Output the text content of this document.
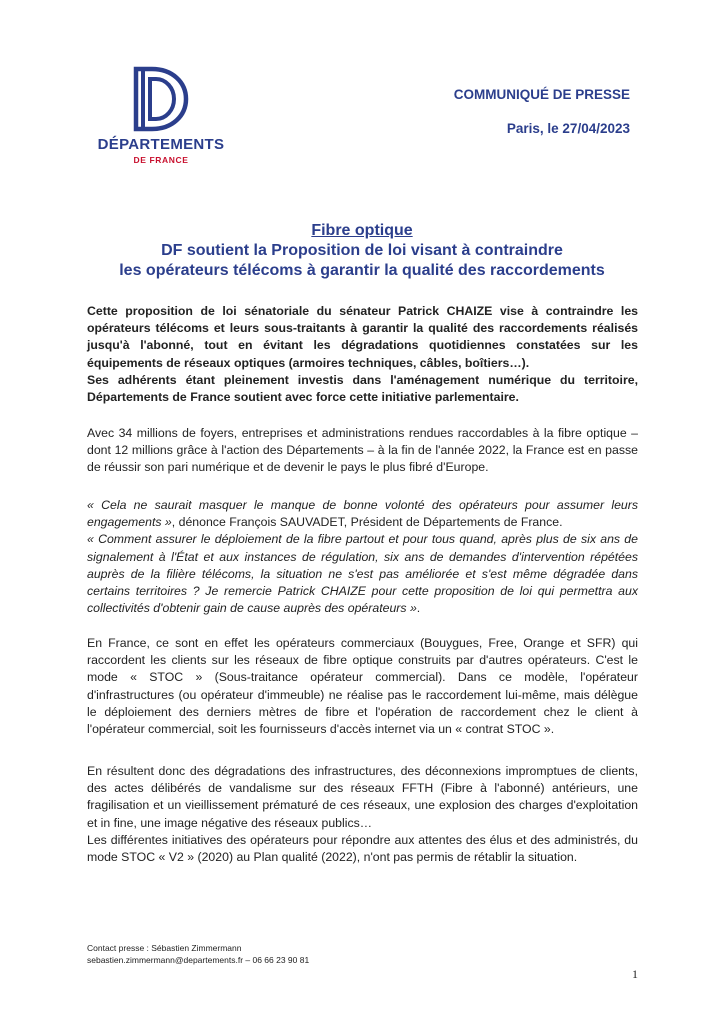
DÉPARTEMENTS
DE FRANCE
COMMUNIQUÉ DE PRESSE
Paris, le 27/04/2023
Fibre optique
DF soutient la Proposition de loi visant à contraindre
les opérateurs télécoms à garantir la qualité des raccordements

Cette proposition de loi sénatoriale du sénateur Patrick CHAIZE vise à contraindre les opérateurs télécoms et leurs sous-traitants à garantir la qualité des raccordements réalisés jusqu'à l'abonné, tout en évitant les dégradations quotidiennes constatées sur les équipements de réseaux optiques (armoires techniques, câbles, boîtiers…).

Ses adhérents étant pleinement investis dans l'aménagement numérique du territoire, Départements de France soutient avec force cette initiative parlementaire.

Avec 34 millions de foyers, entreprises et administrations rendues raccordables à la fibre optique – dont 12 millions grâce à l'action des Départements – à la fin de l'année 2022, la France est en passe de réussir son pari numérique et de devenir le pays le plus fibré d'Europe.

« Cela ne saurait masquer le manque de bonne volonté des opérateurs pour assumer leurs engagements », dénonce François SAUVADET, Président de Départements de France.

« Comment assurer le déploiement de la fibre partout et pour tous quand, après plus de six ans de signalement à l'État et aux instances de régulation, six ans de demandes d'intervention répétées auprès de la filière télécoms, la situation ne s'est pas améliorée et s'est même dégradée dans certains territoires ? Je remercie Patrick CHAIZE pour cette proposition de loi qui permettra aux collectivités d'obtenir gain de cause auprès des opérateurs ».

En France, ce sont en effet les opérateurs commerciaux (Bouygues, Free, Orange et SFR) qui raccordent les clients sur les réseaux de fibre optique construits par d'autres opérateurs. C'est le mode « STOC » (Sous-traitance opérateur commercial). Dans ce modèle, l'opérateur d'infrastructures (ou opérateur d'immeuble) ne réalise pas le raccordement lui-même, mais délègue le déploiement des derniers mètres de fibre et l'opération de raccordement chez le client à l'opérateur commercial, soit les fournisseurs d'accès internet via un « contrat STOC ».

En résultent donc des dégradations des infrastructures, des déconnexions impromptues de clients, des actes délibérés de vandalisme sur des réseaux FFTH (Fibre à l'abonné) antérieurs, une fragilisation et un vieillissement prématuré de ces réseaux, une explosion des charges d'exploitation et in fine, une image négative des réseaux publics…

Les différentes initiatives des opérateurs pour répondre aux attentes des élus et des administrés, du mode STOC « V2 » (2020) au Plan qualité (2022), n'ont pas permis de rétablir la situation.

Contact presse : Sébastien Zimmermann
sebastien.zimmermann@departements.fr – 06 66 23 90 81
1
